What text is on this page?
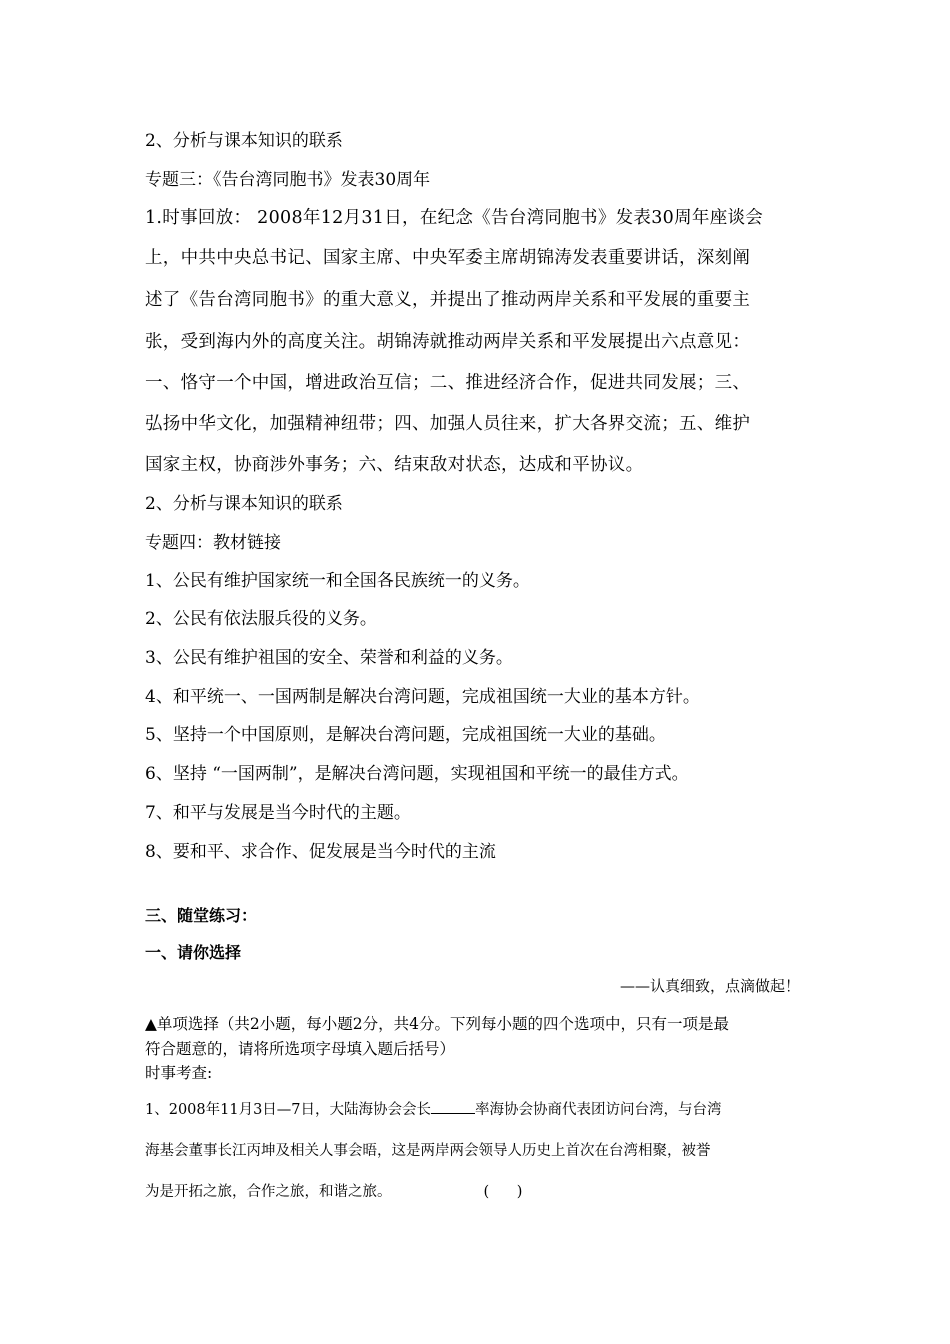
2、分析与课本知识的联系
专题三：《告台湾同胞书》发表30周年
1.时事回放： 2008年12月31日，在纪念《告台湾同胞书》发表30周年座谈会
上，中共中央总书记、国家主席、中央军委主席胡锦涛发表重要讲话，深刻阐
述了《告台湾同胞书》的重大意义，并提出了推动两岸关系和平发展的重要主
张，受到海内外的高度关注。胡锦涛就推动两岸关系和平发展提出六点意见：
一、恪守一个中国，增进政治互信；二、推进经济合作，促进共同发展；三、
弘扬中华文化，加强精神纽带；四、加强人员往来，扩大各界交流；五、维护
国家主权，协商涉外事务；六、结束敌对状态，达成和平协议。
2、分析与课本知识的联系
专题四：教材链接
1、公民有维护国家统一和全国各民族统一的义务。
2、公民有依法服兵役的义务。
3、公民有维护祖国的安全、荣誉和利益的义务。
4、和平统一、一国两制是解决台湾问题，完成祖国统一大业的基本方针。
5、坚持一个中国原则，是解决台湾问题，完成祖国统一大业的基础。
6、坚持 “一国两制”，是解决台湾问题，实现祖国和平统一的最佳方式。
7、和平与发展是当今时代的主题。
8、要和平、求合作、促发展是当今时代的主流
三、随堂练习：
一、请你选择
——认真细致，点滴做起！
▲单项选择（共2小题，每小题2分，共4分。下列每小题的四个选项中，只有一项是最
符合题意的，请将所选项字母填入题后括号）
时事考查:
1、2008年11月3日—7日，大陆海协会会长	率海协会协商代表团访问台湾，与台湾
海基会董事长江丙坤及相关人事会晤，这是两岸两会领导人历史上首次在台湾相聚，被誉
为是开拓之旅，合作之旅，和谐之旅。	(      )
